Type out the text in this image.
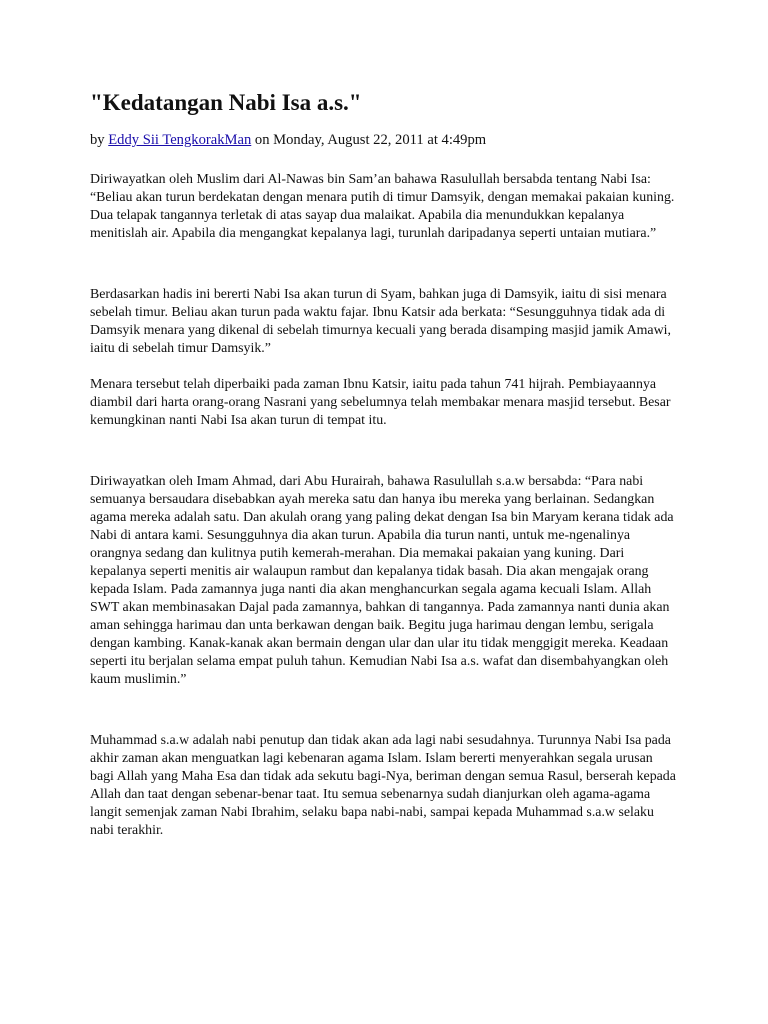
"Kedatangan Nabi Isa a.s."

by Eddy Sii TengkorakMan on Monday, August 22, 2011 at 4:49pm

Diriwayatkan oleh Muslim dari Al-Nawas bin Sam’an bahawa Rasulullah bersabda tentang Nabi Isa: “Beliau akan turun berdekatan dengan menara putih di timur Damsyik, dengan memakai pakaian kuning. Dua telapak tangannya terletak di atas sayap dua malaikat. Apabila dia menundukkan kepalanya menitislah air. Apabila dia mengangkat kepalanya lagi, turunlah daripadanya seperti untaian mutiara.”

Berdasarkan hadis ini bererti Nabi Isa akan turun di Syam, bahkan juga di Damsyik, iaitu di sisi menara sebelah timur. Beliau akan turun pada waktu fajar. Ibnu Katsir ada berkata: “Sesungguhnya tidak ada di Damsyik menara yang dikenal di sebelah timurnya kecuali yang berada disamping masjid jamik Amawi, iaitu di sebelah timur Damsyik.”

Menara tersebut telah diperbaiki pada zaman Ibnu Katsir, iaitu pada tahun 741 hijrah. Pembiayaannya diambil dari harta orang-orang Nasrani yang sebelumnya telah membakar menara masjid tersebut. Besar kemungkinan nanti Nabi Isa akan turun di tempat itu.

Diriwayatkan oleh Imam Ahmad, dari Abu Hurairah, bahawa Rasulullah s.a.w bersabda: “Para nabi semuanya bersaudara disebabkan ayah mereka satu dan hanya ibu mereka yang berlainan. Sedangkan agama mereka adalah satu. Dan akulah orang yang paling dekat dengan Isa bin Maryam kerana tidak ada Nabi di antara kami. Sesungguhnya dia akan turun. Apabila dia turun nanti, untuk me-ngenalinya orangnya sedang dan kulitnya putih kemerah-merahan. Dia memakai pakaian yang kuning. Dari kepalanya seperti menitis air walaupun rambut dan kepalanya tidak basah. Dia akan mengajak orang kepada Islam. Pada zamannya juga nanti dia akan menghancurkan segala agama kecuali Islam. Allah SWT akan membinasakan Dajal pada zamannya, bahkan di tangannya. Pada zamannya nanti dunia akan aman sehingga harimau dan unta berkawan dengan baik. Begitu juga harimau dengan lembu, serigala dengan kambing. Kanak-kanak akan bermain dengan ular dan ular itu tidak menggigit mereka. Keadaan seperti itu berjalan selama empat puluh tahun. Kemudian Nabi Isa a.s. wafat dan disembahyangkan oleh kaum muslimin.”

Muhammad s.a.w adalah nabi penutup dan tidak akan ada lagi nabi sesudahnya. Turunnya Nabi Isa pada akhir zaman akan menguatkan lagi kebenaran agama Islam. Islam bererti menyerahkan segala urusan bagi Allah yang Maha Esa dan tidak ada sekutu bagi-Nya, beriman dengan semua Rasul, berserah kepada Allah dan taat dengan sebenar-benar taat. Itu semua sebenarnya sudah dianjurkan oleh agama-agama langit semenjak zaman Nabi Ibrahim, selaku bapa nabi-nabi, sampai kepada Muhammad s.a.w selaku nabi terakhir.
